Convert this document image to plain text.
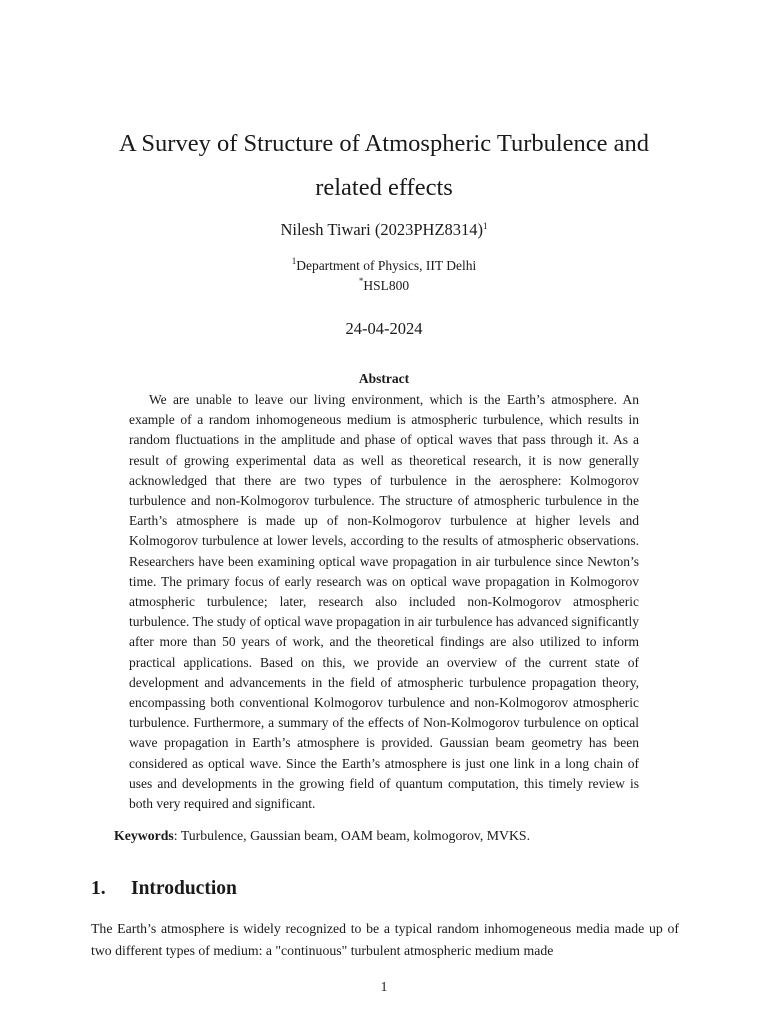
A Survey of Structure of Atmospheric Turbulence and
related effects
Nilesh Tiwari $(2023PHZ8314)^1$
$^1$Department of Physics, IIT Delhi
*HSL800
24-04-2024
Abstract

We are unable to leave our living environment, which is the Earth’s atmosphere. An example of a random inhomogeneous medium is atmospheric turbulence, which results in random fluctuations in the amplitude and phase of optical waves that pass through it. As a result of growing experimental data as well as theoretical research, it is now generally acknowledged that there are two types of turbulence in the aerosphere: Kolmogorov turbulence and non-Kolmogorov turbulence. The structure of atmospheric turbulence in the Earth’s atmosphere is made up of non-Kolmogorov turbulence at higher levels and Kolmogorov turbulence at lower levels, according to the results of atmospheric observations. Researchers have been examining optical wave propagation in air turbulence since Newton’s time. The primary focus of early research was on optical wave propagation in Kolmogorov atmospheric turbulence; later, research also included non-Kolmogorov atmospheric turbulence. The study of optical wave propagation in air turbulence has advanced significantly after more than 50 years of work, and the theoretical findings are also utilized to inform practical applications. Based on this, we provide an overview of the current state of development and advancements in the field of atmospheric turbulence propagation theory, encompassing both conventional Kolmogorov turbulence and non-Kolmogorov atmospheric turbulence. Furthermore, a summary of the effects of Non-Kolmogorov turbulence on optical wave propagation in Earth’s atmosphere is provided. Gaussian beam geometry has been considered as optical wave. Since the Earth’s atmosphere is just one link in a long chain of uses and developments in the growing field of quantum computation, this timely review is both very required and significant.

Keywords: Turbulence, Gaussian beam, OAM beam, kolmogorov, MVKS.
1. Introduction

The Earth’s atmosphere is widely recognized to be a typical random inhomogeneous media made up of two different types of medium: a "continuous" turbulent atmospheric medium made

1
